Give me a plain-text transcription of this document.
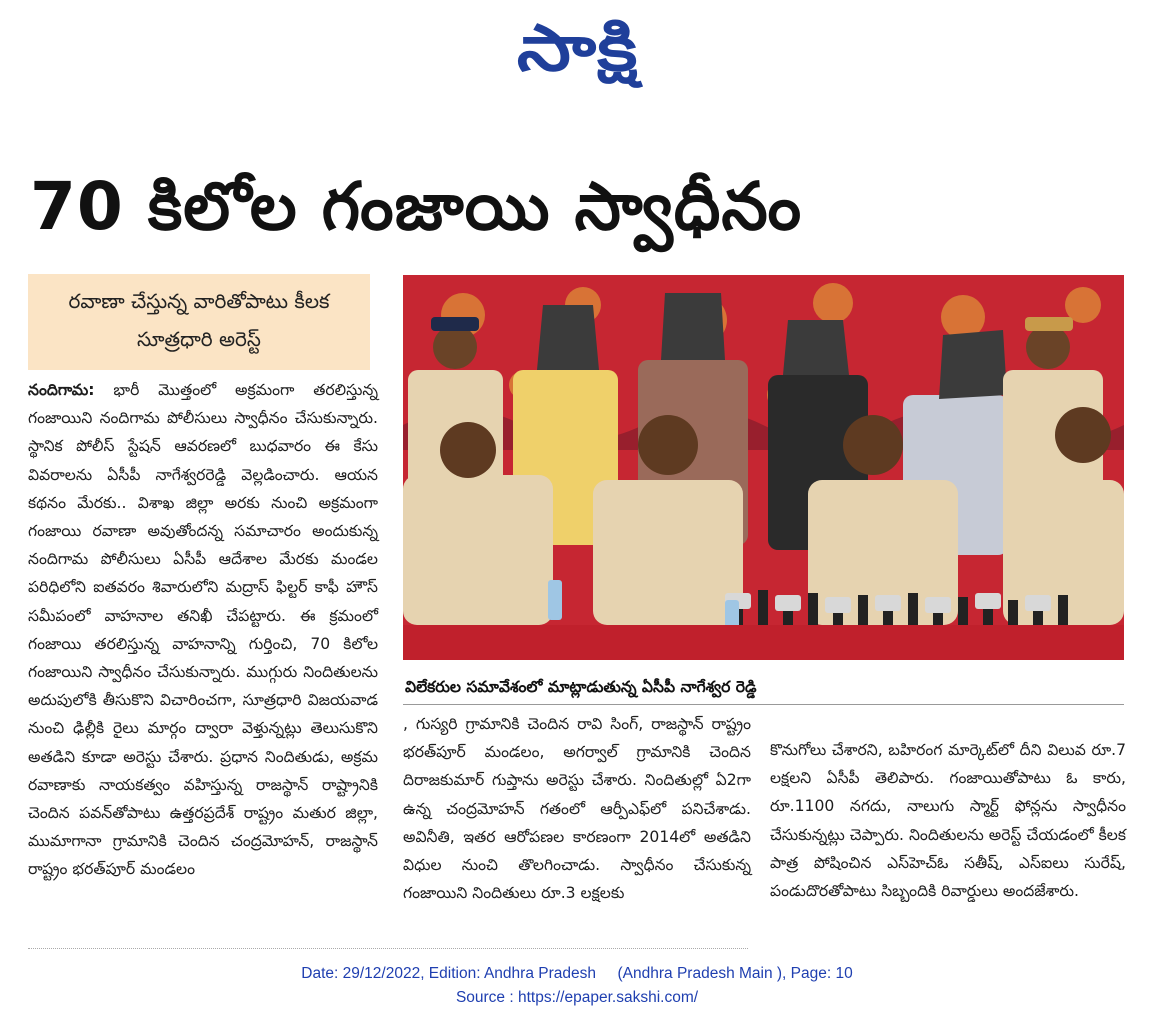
సాక్షి
70 కిలోల గంజాయి స్వాధీనం
రవాణా చేస్తున్న వారితోపాటు కీలక సూత్రధారి అరెస్ట్

నందిగామ: భారీ మొత్తంలో అక్రమంగా తరలిస్తున్న గంజాయిని నందిగామ పోలీసులు స్వాధీనం చేసుకున్నారు. స్థానిక పోలీస్ స్టేషన్ ఆవరణలో బుధవారం ఈ కేసు వివరాలను ఏసీపీ నాగేశ్వరరెడ్డి వెల్లడించారు. ఆయన కథనం మేరకు.. విశాఖ జిల్లా అరకు నుంచి అక్రమంగా గంజాయి రవాణా అవుతోందన్న సమాచారం అందుకున్న నందిగామ పోలీసులు ఏసీపీ ఆదేశాల మేరకు మండల పరిధిలోని ఐతవరం శివారులోని మద్రాస్ ఫిల్టర్ కాఫీ హౌస్ సమీపంలో వాహనాల తనిఖీ చేపట్టారు. ఈ క్రమంలో గంజాయి తరలిస్తున్న వాహనాన్ని గుర్తించి, 70 కిలోల గంజాయిని స్వాధీనం చేసుకున్నారు. ముగ్గురు నిందితులను అదుపులోకి తీసుకొని విచారించగా, సూత్రధారి విజయవాడ నుంచి ఢిల్లీకి రైలు మార్గం ద్వారా వెళ్తున్నట్లు తెలుసుకొని అతడిని కూడా అరెస్టు చేశారు. ప్రధాన నిందితుడు, అక్రమ రవాణాకు నాయకత్వం వహిస్తున్న రాజస్థాన్ రాష్ట్రానికి చెందిన పవన్‌తోపాటు ఉత్తరప్రదేశ్ రాష్ట్రం మతుర జిల్లా, ముమాగానా గ్రామానికి చెందిన చంద్రమోహన్, రాజస్థాన్ రాష్ట్రం భరత్‌పూర్ మండలం

విలేకరుల సమావేశంలో మాట్లాడుతున్న ఏసీపీ నాగేశ్వర రెడ్డి

, గుస్యరి గ్రామానికి చెందిన రావి సింగ్, రాజస్థాన్ రాష్ట్రం భరత్‌పూర్ మండలం, అగర్వాల్ గ్రామానికి చెందిన దిరాజకుమార్ గుప్తాను అరెస్టు చేశారు. నిందితుల్లో ఏ2గా ఉన్న చంద్రమోహన్ గతంలో ఆర్పీఎఫ్‌లో పనిచేశాడు. అవినీతి, ఇతర ఆరోపణల కారణంగా 2014లో అతడిని విధుల నుంచి తొలగించాడు. స్వాధీనం చేసుకున్న గంజాయిని నిందితులు రూ.3 లక్షలకు

కొనుగోలు చేశారని, బహిరంగ మార్కెట్‌లో దీని విలువ రూ.7 లక్షలని ఏసీపీ తెలిపారు. గంజాయితోపాటు ఓ కారు, రూ.1100 నగదు, నాలుగు స్మార్ట్ ఫోన్లను స్వాధీనం చేసుకున్నట్లు చెప్పారు. నిందితులను అరెస్ట్ చేయడంలో కీలక పాత్ర పోషించిన ఎస్‌హెచ్‌ఓ సతీష్, ఎస్‌ఐలు సురేష్, పండుదొరతోపాటు సిబ్బందికి రివార్డులు అందజేశారు.

Date: 29/12/2022, Edition: Andhra Pradesh     (Andhra Pradesh Main ), Page: 10
Source : https://epaper.sakshi.com/
